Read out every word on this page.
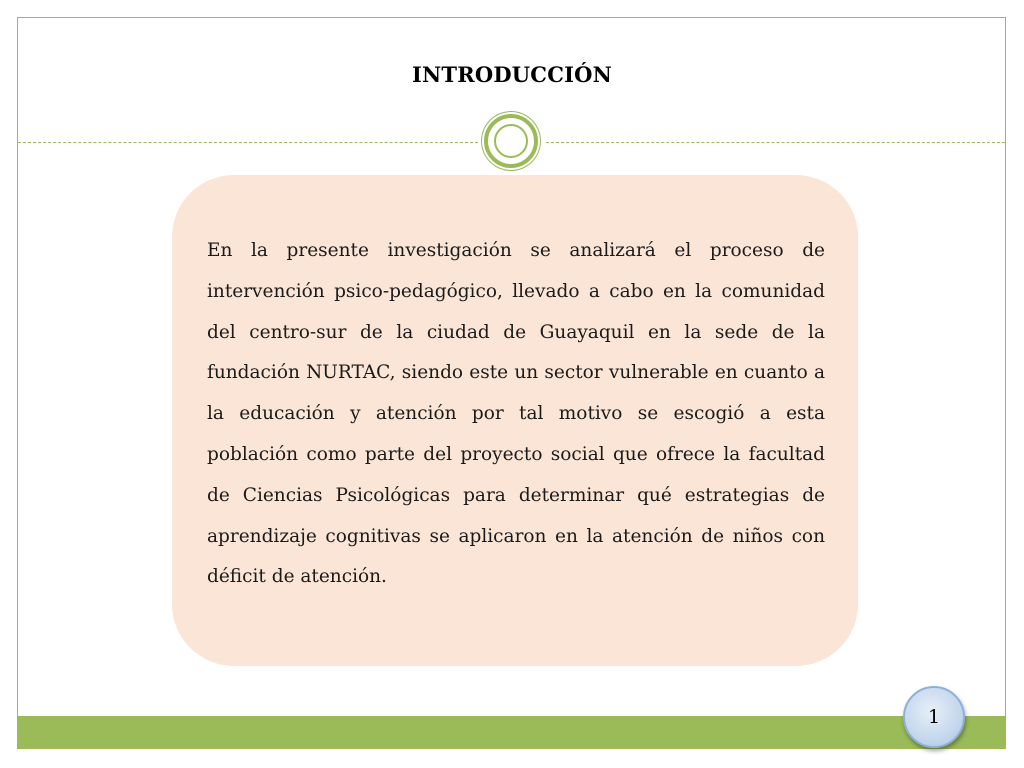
INTRODUCCIÓN

En la presente investigación se analizará el proceso de intervención psico-pedagógico, llevado a cabo en la comunidad del centro-sur de la ciudad de Guayaquil en la sede de la fundación NURTAC, siendo este un sector vulnerable en cuanto a la educación y atención por tal motivo se escogió a esta población como parte del proyecto social que ofrece la facultad de Ciencias Psicológicas para determinar qué estrategias de aprendizaje cognitivas se aplicaron en la atención de niños con déficit de atención.

1
